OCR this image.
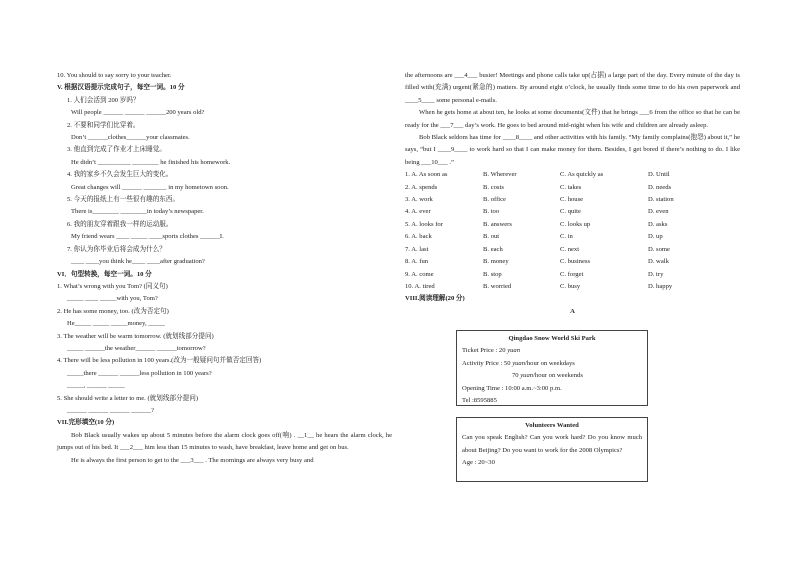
10. You should to say sorry to your teacher.
V. 根据汉语提示完成句子，每空一词。10 分
1. 人们会活到 200 岁吗？
Will people ______ ______ ______200 years old?
2. 不要和同学们比穿着。
Don’t ______clothes______your classmates.
3. 他直到完成了作业才上床睡觉。
He didn’t __________ ________ he finished his homework.
4. 我的家乡不久会发生巨大的变化。
Great changes will ______ _______ in my hometown soon.
5. 今天的报纸上有一些很有趣的东西。
There is________ ________in today’s newspaper.
6. 我的朋友穿着跟我一样的运动服。
My friend wears ____ _____ ____sports clothes ______I.
7. 你认为你毕业后将会成为什么？
____ ____you think he____ ____after graduation?
VI．句型转换，每空一词。10 分
1. What’s wrong with you Tom? (同义句)
_____ ____ _____with you, Tom?
2. He has some money, too. (改为否定句)
He_____ _____ _____money, _____
3. The weather will be warm tomorrow. (就划线部分提问)
_____ ______the weather______ ______tomorrow?
4. There will be less pollution in 100 years.(改为一般疑问句并做否定回答)
_____there ______ ______less pollution in 100 years?
_____, ______ _____
5. She should write a letter to me. (就划线部分提问)
______ ______ ______ ______?
VII.完形填空(10 分)
Bob Black usually wakes up about 5 minutes before the alarm clock goes off(响) . __1__ he hears the alarm clock, he jumps out of his bed. It ___2___ him less than 15 minutes to wash, have breakfast, leave home and get on bus.
He is always the first person to get to the ___3___ . The mornings are always very busy and
the afternoons are ___4___ busier! Meetings and phone calls take up(占据) a large part of the day. Every minute of the day is filled with(充满) urgent(紧急的) matters. By around eight o’clock, he usually finds some time to do his own paperwork and ____5____ some personal e-mails.
When he gets home at about ten, he looks at some documents(文件) that he brings ___6 from the office so that he can be ready for the ___7___ day’s work. He goes to bed around mid-night when his wife and children are already asleep.
Bob Black seldom has time for ____8____ and other activities with his family. “My family complains(抱怨) about it,” he says, “but I ____9____ to work hard so that I can make money for them. Besides, I get bored if there’s nothing to do. I like being ___10___ .”
1. A. As soon as	B. Wherever	C. As quickly as	D. Until
2. A. spends	B. costs	C. takes	D. needs
3. A. work	B. office	C. house	D. station
4. A. ever	B. too	C. quite	D. even
5. A. looks for	B. answers	C. looks up	D. asks
6. A. back	B. out	C. in	D. up
7. A. last	B. each	C. next	D. some
8. A. fun	B. money	C. business	D. walk
9. A. come	B. stop	C. forget	D. try
10. A. tired	B. worried	C. busy	D. happy
VIII.阅读理解(20 分)
A
Qingdao Snow World Ski Park
Ticket Price : 20 yuan
Activity Price : 50 yuan/hour on weekdays
70 yuan/hour on weekends
Opening Time : 10:00 a.m.~3:00 p.m.
Tel :8595885
Volunteers Wanted
Can you speak English? Can you work hard? Do you know much about Beijing? Do you want to work for the 2008 Olympics?
Age : 20~30
